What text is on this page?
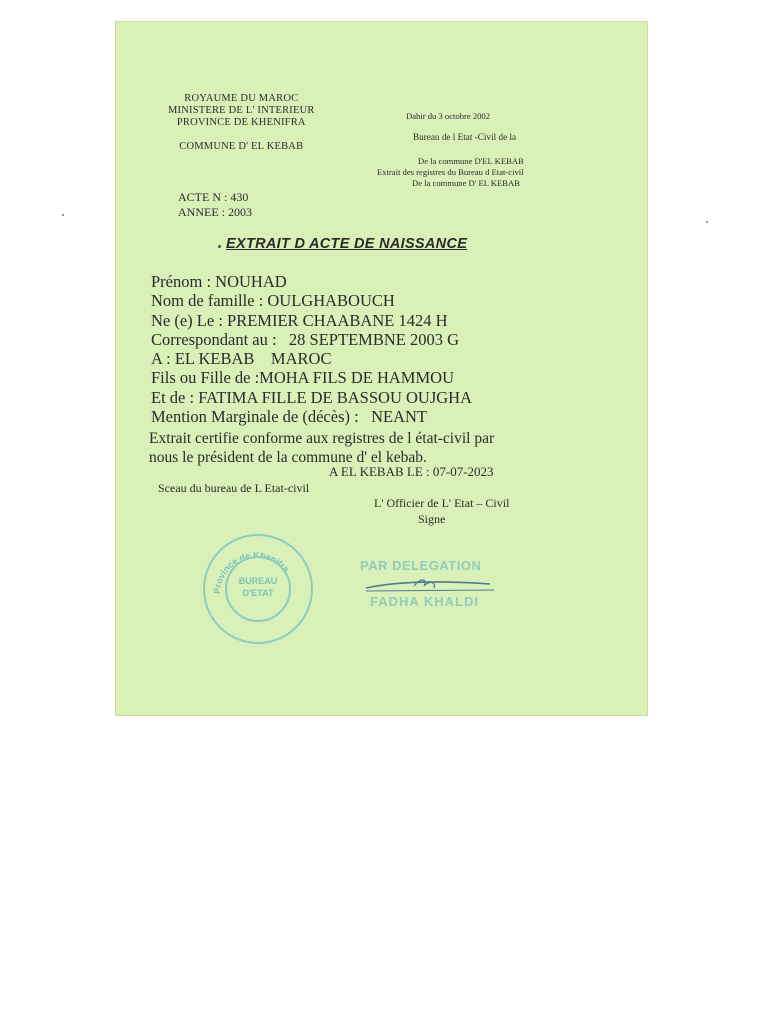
ROYAUME DU MAROC
MINISTERE DE L' INTERIEUR
PROVINCE DE KHENIFRA
COMMUNE D' EL KEBAB
Dahir du 3 octobre 2002
Bureau de l Etat -Civil de la
De la commune D'EL KEBAB
Extrait des registres du Bureau d Etat-civil
De la commune D' EL KEBAB
ACTE N : 430
ANNEE : 2003
EXTRAIT D ACTE DE NAISSANCE
Prénom : NOUHAD
Nom de famille : OULGHABOUCH
Ne (e) Le : PREMIER CHAABANE 1424 H
Correspondant au :   28 SEPTEMBNE 2003 G
A : EL KEBAB    MAROC
Fils ou Fille de :MOHA FILS DE HAMMOU
Et de : FATIMA FILLE DE BASSOU OUJGHA
Mention Marginale de (décès) :   NEANT
Extrait certifie conforme aux registres de l état-civil par
nous le président de la commune d' el kebab.
A EL KEBAB LE : 07-07-2023
Sceau du bureau de L Etat-civil
L' Officier de L' Etat – Civil
Signe
Province de Khenifra
BUREAU
D'ETAT
PAR DELEGATION
FADHA KHALDI
